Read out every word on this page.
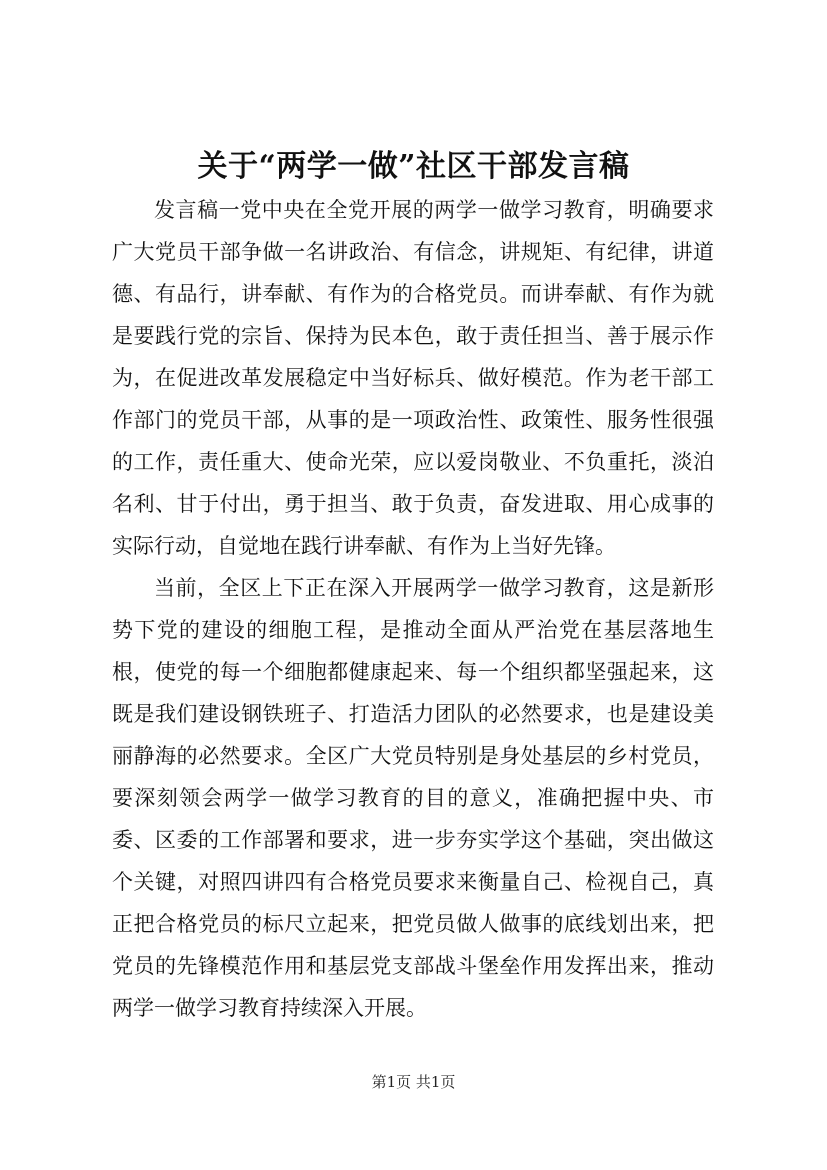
关于“两学一做”社区干部发言稿

发言稿一党中央在全党开展的两学一做学习教育，明确要求广大党员干部争做一名讲政治、有信念，讲规矩、有纪律，讲道德、有品行，讲奉献、有作为的合格党员。而讲奉献、有作为就是要践行党的宗旨、保持为民本色，敢于责任担当、善于展示作为，在促进改革发展稳定中当好标兵、做好模范。作为老干部工作部门的党员干部，从事的是一项政治性、政策性、服务性很强的工作，责任重大、使命光荣，应以爱岗敬业、不负重托，淡泊名利、甘于付出，勇于担当、敢于负责，奋发进取、用心成事的实际行动，自觉地在践行讲奉献、有作为上当好先锋。

当前，全区上下正在深入开展两学一做学习教育，这是新形势下党的建设的细胞工程，是推动全面从严治党在基层落地生根，使党的每一个细胞都健康起来、每一个组织都坚强起来，这既是我们建设钢铁班子、打造活力团队的必然要求，也是建设美丽静海的必然要求。全区广大党员特别是身处基层的乡村党员，要深刻领会两学一做学习教育的目的意义，准确把握中央、市委、区委的工作部署和要求，进一步夯实学这个基础，突出做这个关键，对照四讲四有合格党员要求来衡量自己、检视自己，真正把合格党员的标尺立起来，把党员做人做事的底线划出来，把党员的先锋模范作用和基层党支部战斗堡垒作用发挥出来，推动两学一做学习教育持续深入开展。

第1页 共1页
